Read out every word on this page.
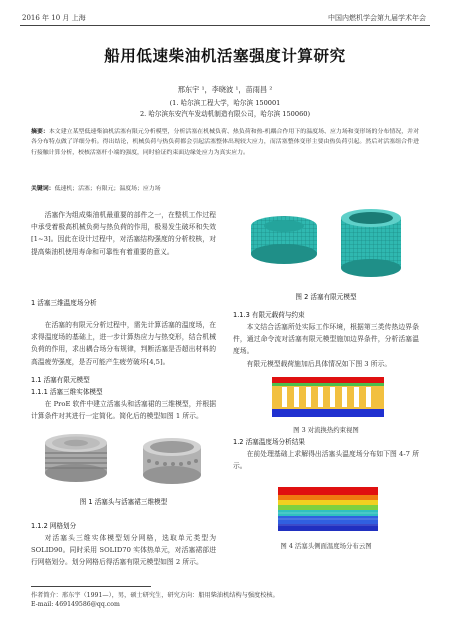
2016 年 10 月 上海	中国内燃机学会第九届学术年会
船用低速柴油机活塞强度计算研究
邢东宇 ¹，李晓波 ¹，苗雨昌 ²
(1. 哈尔滨工程大学，哈尔滨 150001
2. 哈尔滨东安汽车发动机制造有限公司，哈尔滨 150060)
摘要：本文建立某型低速柴油机活塞有限元分析模型，分析活塞在机械负荷、热负荷和热-机耦合作用下的温度场、应力场和变形场的分布情况，并对各分布特点做了详细分析。得出结论，机械负荷与热负荷都会引起活塞整体出现较大应力，而活塞整体变形主要由热负荷引起。然后对活塞组合件进行接触计算分析，校核活塞杆小端的强度，同时验证约束面边缘处应力为真实应力。
关键词：低速机；活塞；有限元；温度场；应力场

活塞作为组成柴油机最重要的部件之一，在整机工作过程中承受着极高机械负荷与热负荷的作用，极易发生破坏和失效[1~3]。因此在设计过程中，对活塞结构强度的分析校核，对提高柴油机使用寿命和可靠性有着重要的意义。

1 活塞三维温度场分析

在活塞的有限元分析过程中，需先计算活塞的温度场，在求得温度场的基础上，进一步计算热应力与热变形，结合机械负荷的作用，求出耦合场分布规律，判断活塞是否超出材料的高温疲劳强度，是否可能产生疲劳破坏[4,5]。

1.1 活塞有限元模型
1.1.1 活塞三维实体模型

在 ProE 软件中建立活塞头和活塞裙的三维模型，并根据计算条件对其进行一定简化。简化后的模型如图 1 所示。

图 1 活塞头与活塞裙三维模型
1.1.2 网格划分

对活塞头三维实体模型划分网格，选取单元类型为 SOLID90。同时采用 SOLID70 实体热单元，对活塞裙部进行网格划分。划分网格后得活塞有限元模型如图 2 所示。

图 2 活塞有限元模型
1.1.3 有限元载荷与约束

本文结合活塞所处实际工作环境，根据第三类传热边界条件，通过命令流对活塞有限元模型施加边界条件，分析活塞温度场。

有限元模型载荷施加后具体情况如下图 3 所示。

图 3 对流换热约束视图
1.2 活塞温度场分析结果

在前处理基础上求解得出活塞头温度场分布如下图 4-7 所示。

图 4 活塞头侧面温度场分布云图
作者简介：邢东宇（1991—），男，硕士研究生，研究方向：船用柴油机结构与强度校核。
E-mail: 469149586@qq.com
